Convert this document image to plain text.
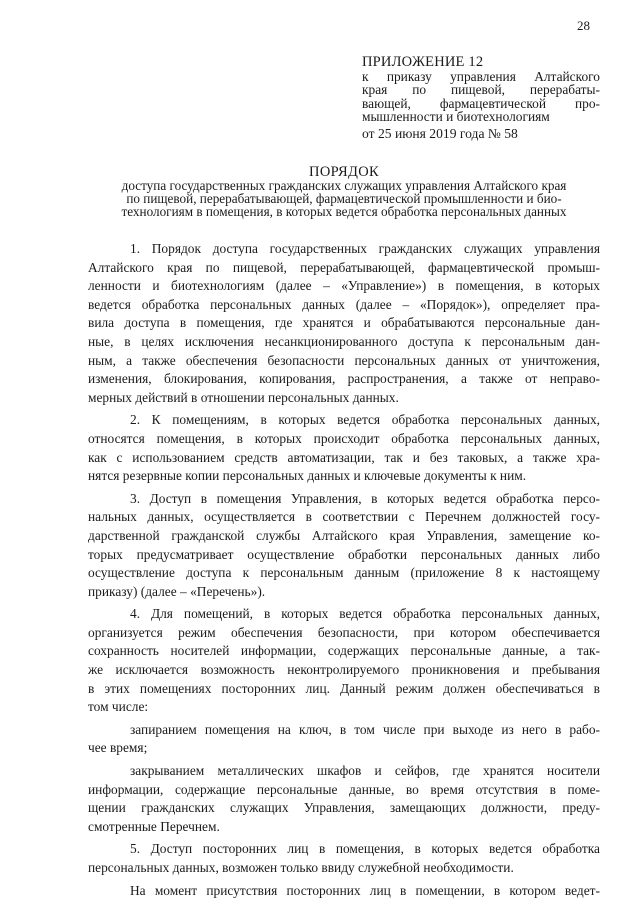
28
ПРИЛОЖЕНИЕ 12
к приказу управления Алтайского
края по пищевой, перерабаты-
вающей, фармацевтической про-
мышленности и биотехнологиям
от 25 июня 2019 года № 58
ПОРЯДОК
доступа государственных гражданских служащих управления Алтайского края
по пищевой, перерабатывающей, фармацевтической промышленности и био-
технологиям в помещения, в которых ведется обработка персональных данных
1. Порядок доступа государственных гражданских служащих управления
Алтайского края по пищевой, перерабатывающей, фармацевтической промыш-
ленности и биотехнологиям (далее – «Управление») в помещения, в которых
ведется обработка персональных данных (далее – «Порядок»), определяет пра-
вила доступа в помещения, где хранятся и обрабатываются персональные дан-
ные, в целях исключения несанкционированного доступа к персональным дан-
ным, а также обеспечения безопасности персональных данных от уничтожения,
изменения, блокирования, копирования, распространения, а также от неправо-
мерных действий в отношении персональных данных.
2. К помещениям, в которых ведется обработка персональных данных,
относятся помещения, в которых происходит обработка персональных данных,
как с использованием средств автоматизации, так и без таковых, а также хра-
нятся резервные копии персональных данных и ключевые документы к ним.
3. Доступ в помещения Управления, в которых ведется обработка персо-
нальных данных, осуществляется в соответствии с Перечнем должностей госу-
дарственной гражданской службы Алтайского края Управления, замещение ко-
торых предусматривает осуществление обработки персональных данных либо
осуществление доступа к персональным данным (приложение 8 к настоящему
приказу) (далее – «Перечень»).
4. Для помещений, в которых ведется обработка персональных данных,
организуется режим обеспечения безопасности, при котором обеспечивается
сохранность носителей информации, содержащих персональные данные, а так-
же исключается возможность неконтролируемого проникновения и пребывания
в этих помещениях посторонних лиц. Данный режим должен обеспечиваться в
том числе:
запиранием помещения на ключ, в том числе при выходе из него в рабо-
чее время;
закрыванием металлических шкафов и сейфов, где хранятся носители
информации, содержащие персональные данные, во время отсутствия в поме-
щении гражданских служащих Управления, замещающих должности, преду-
смотренные Перечнем.
5. Доступ посторонних лиц в помещения, в которых ведется обработка
персональных данных, возможен только ввиду служебной необходимости.
На момент присутствия посторонних лиц в помещении, в котором ведет-
